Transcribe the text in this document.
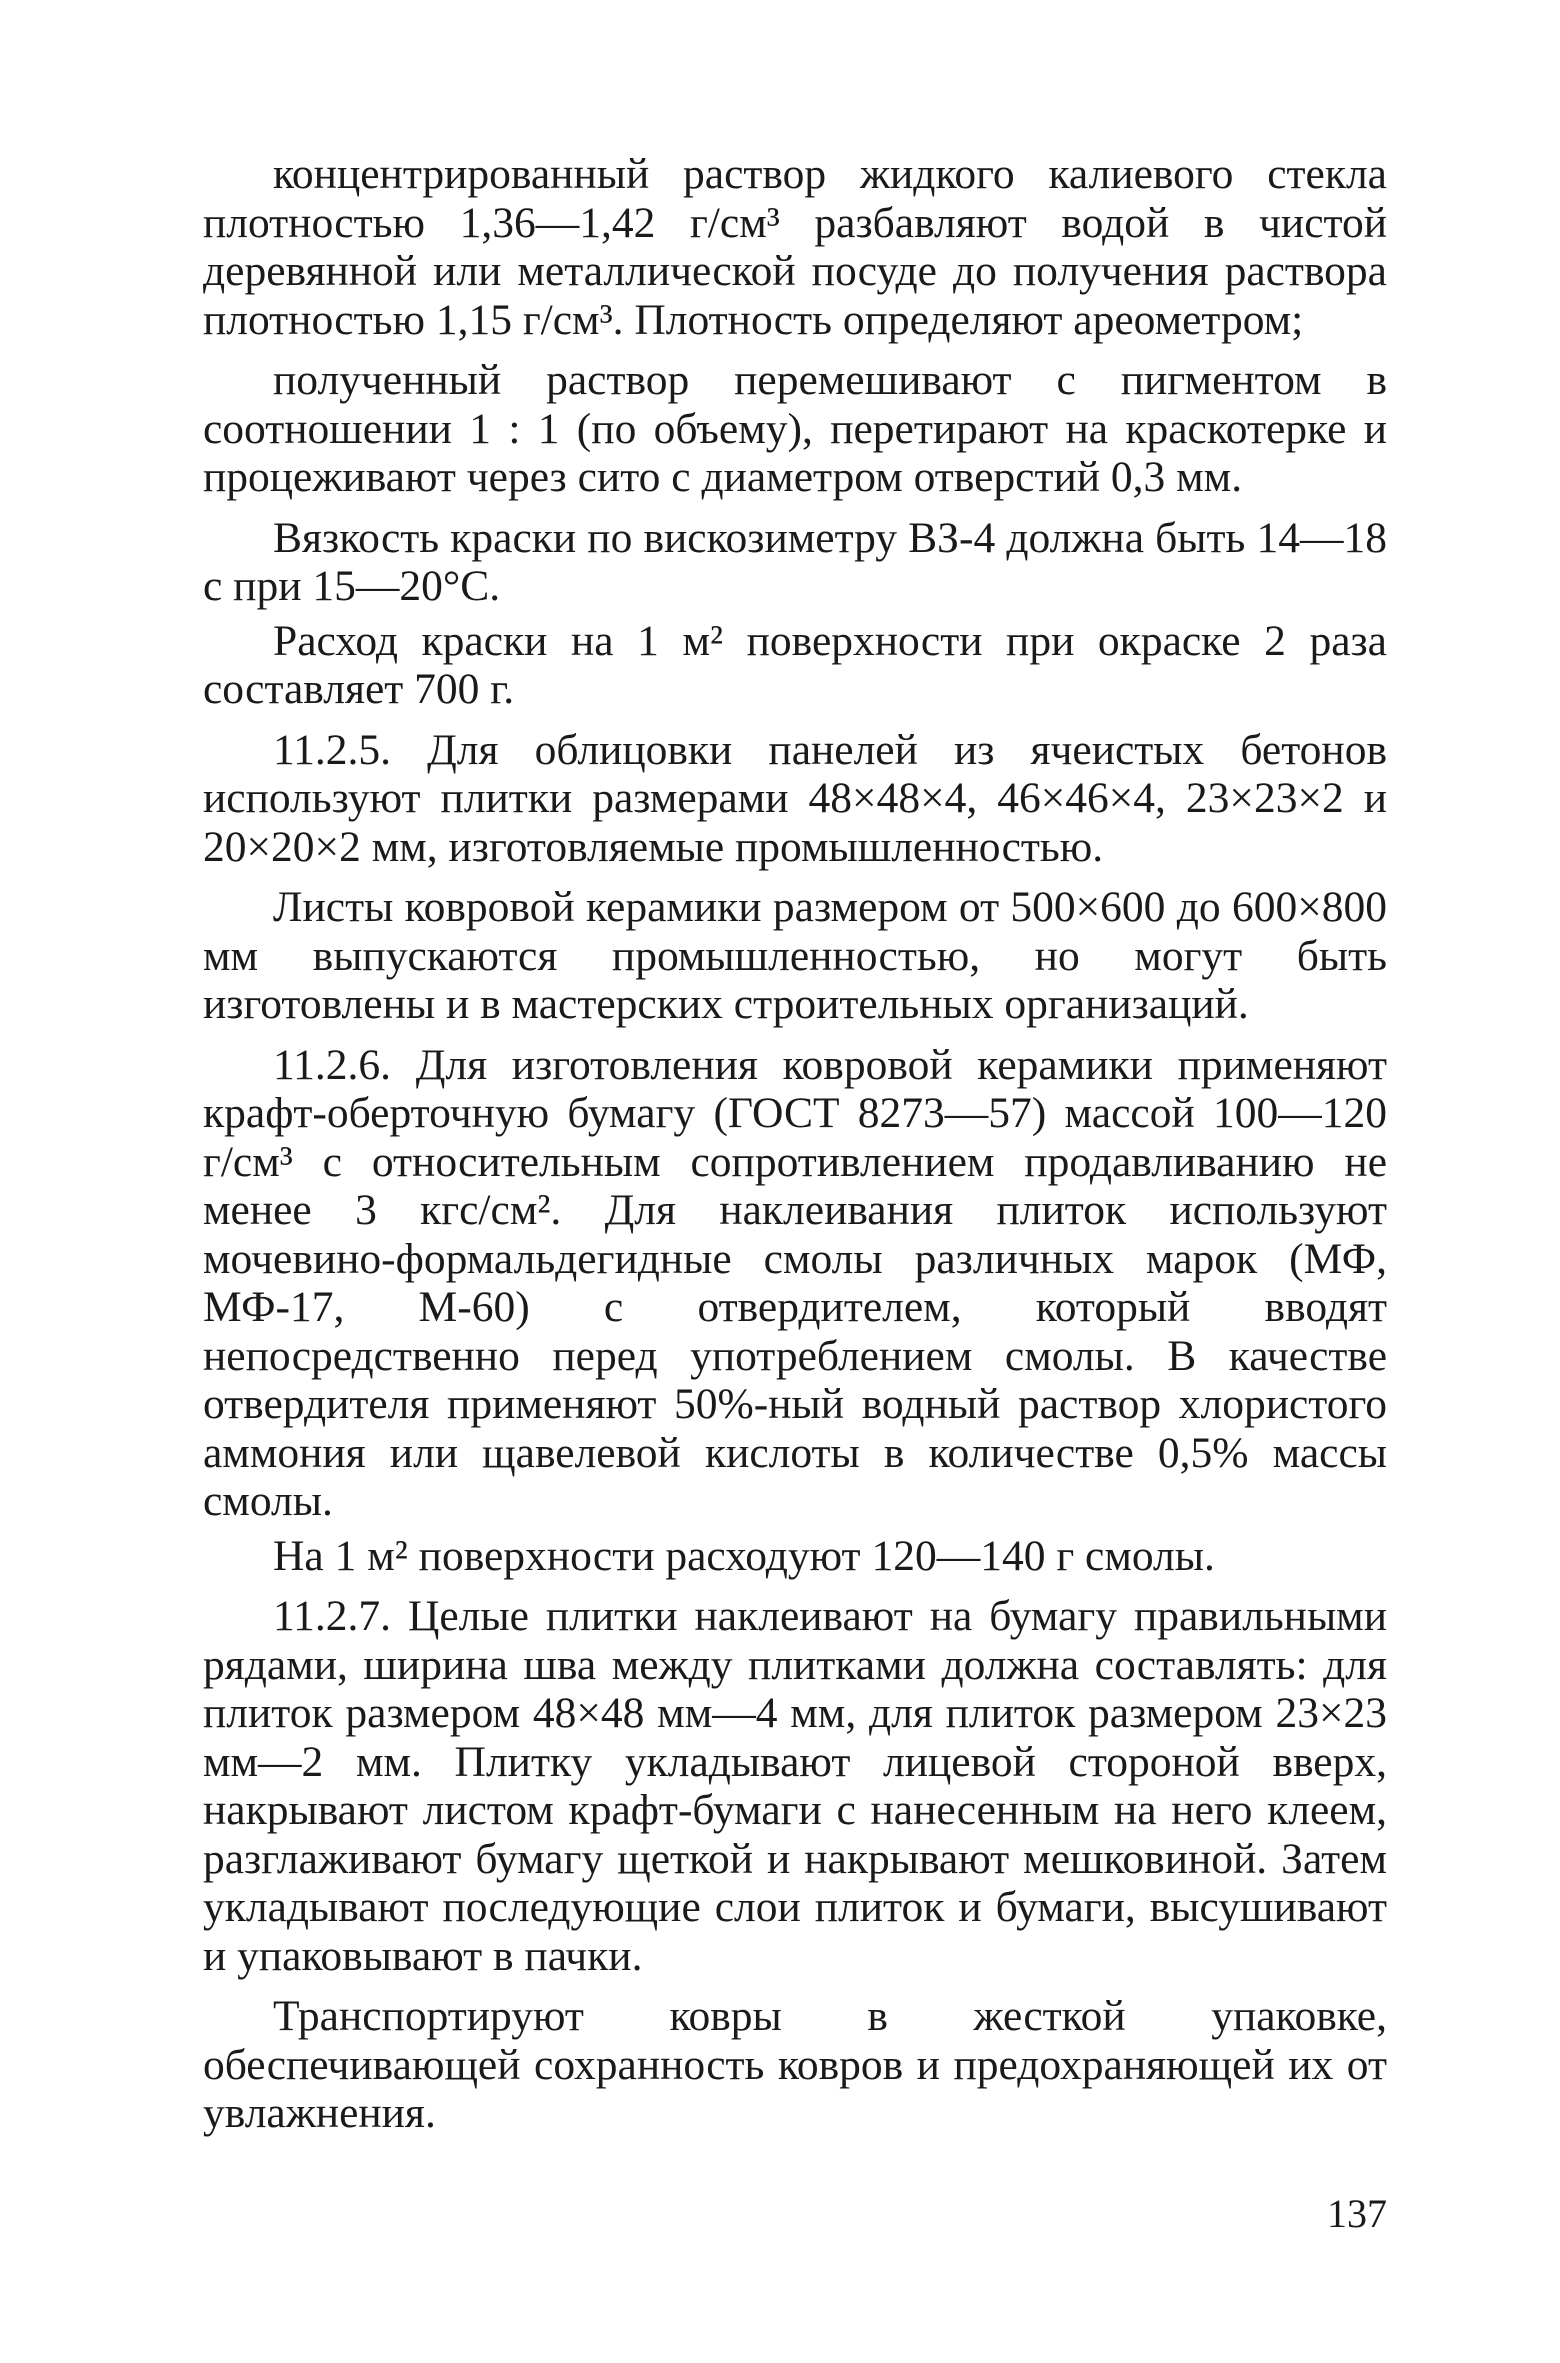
концентрированный раствор жидкого калиевого стекла плотностью 1,36—1,42 г/см³ разбавляют водой в чистой деревянной или металлической посуде до получения раствора плотностью 1,15 г/см³. Плотность определяют ареометром;

полученный раствор перемешивают с пигментом в соотношении 1 : 1 (по объему), перетирают на краскотерке и процеживают через сито с диаметром отверстий 0,3 мм.

Вязкость краски по вискозиметру ВЗ-4 должна быть 14—18 с при 15—20°С.

Расход краски на 1 м² поверхности при окраске 2 раза составляет 700 г.

11.2.5. Для облицовки панелей из ячеистых бетонов используют плитки размерами 48×48×4, 46×46×4, 23×23×2 и 20×20×2 мм, изготовляемые промышленностью.

Листы ковровой керамики размером от 500×600 до 600×800 мм выпускаются промышленностью, но могут быть изготовлены и в мастерских строительных организаций.

11.2.6. Для изготовления ковровой керамики применяют крафт-оберточную бумагу (ГОСТ 8273—57) массой 100—120 г/см³ с относительным сопротивлением продавливанию не менее 3 кгс/см². Для наклеивания плиток используют мочевино-формальдегидные смолы различных марок (МФ, МФ-17, М-60) с отвердителем, который вводят непосредственно перед употреблением смолы. В качестве отвердителя применяют 50%-ный водный раствор хлористого аммония или щавелевой кислоты в количестве 0,5% массы смолы.

На 1 м² поверхности расходуют 120—140 г смолы.

11.2.7. Целые плитки наклеивают на бумагу правильными рядами, ширина шва между плитками должна составлять: для плиток размером 48×48 мм—4 мм, для плиток размером 23×23 мм—2 мм. Плитку укладывают лицевой стороной вверх, накрывают листом крафт-бумаги с нанесенным на него клеем, разглаживают бумагу щеткой и накрывают мешковиной. Затем укладывают последующие слои плиток и бумаги, высушивают и упаковывают в пачки.

Транспортируют ковры в жесткой упаковке, обеспечивающей сохранность ковров и предохраняющей их от увлажнения.

137
